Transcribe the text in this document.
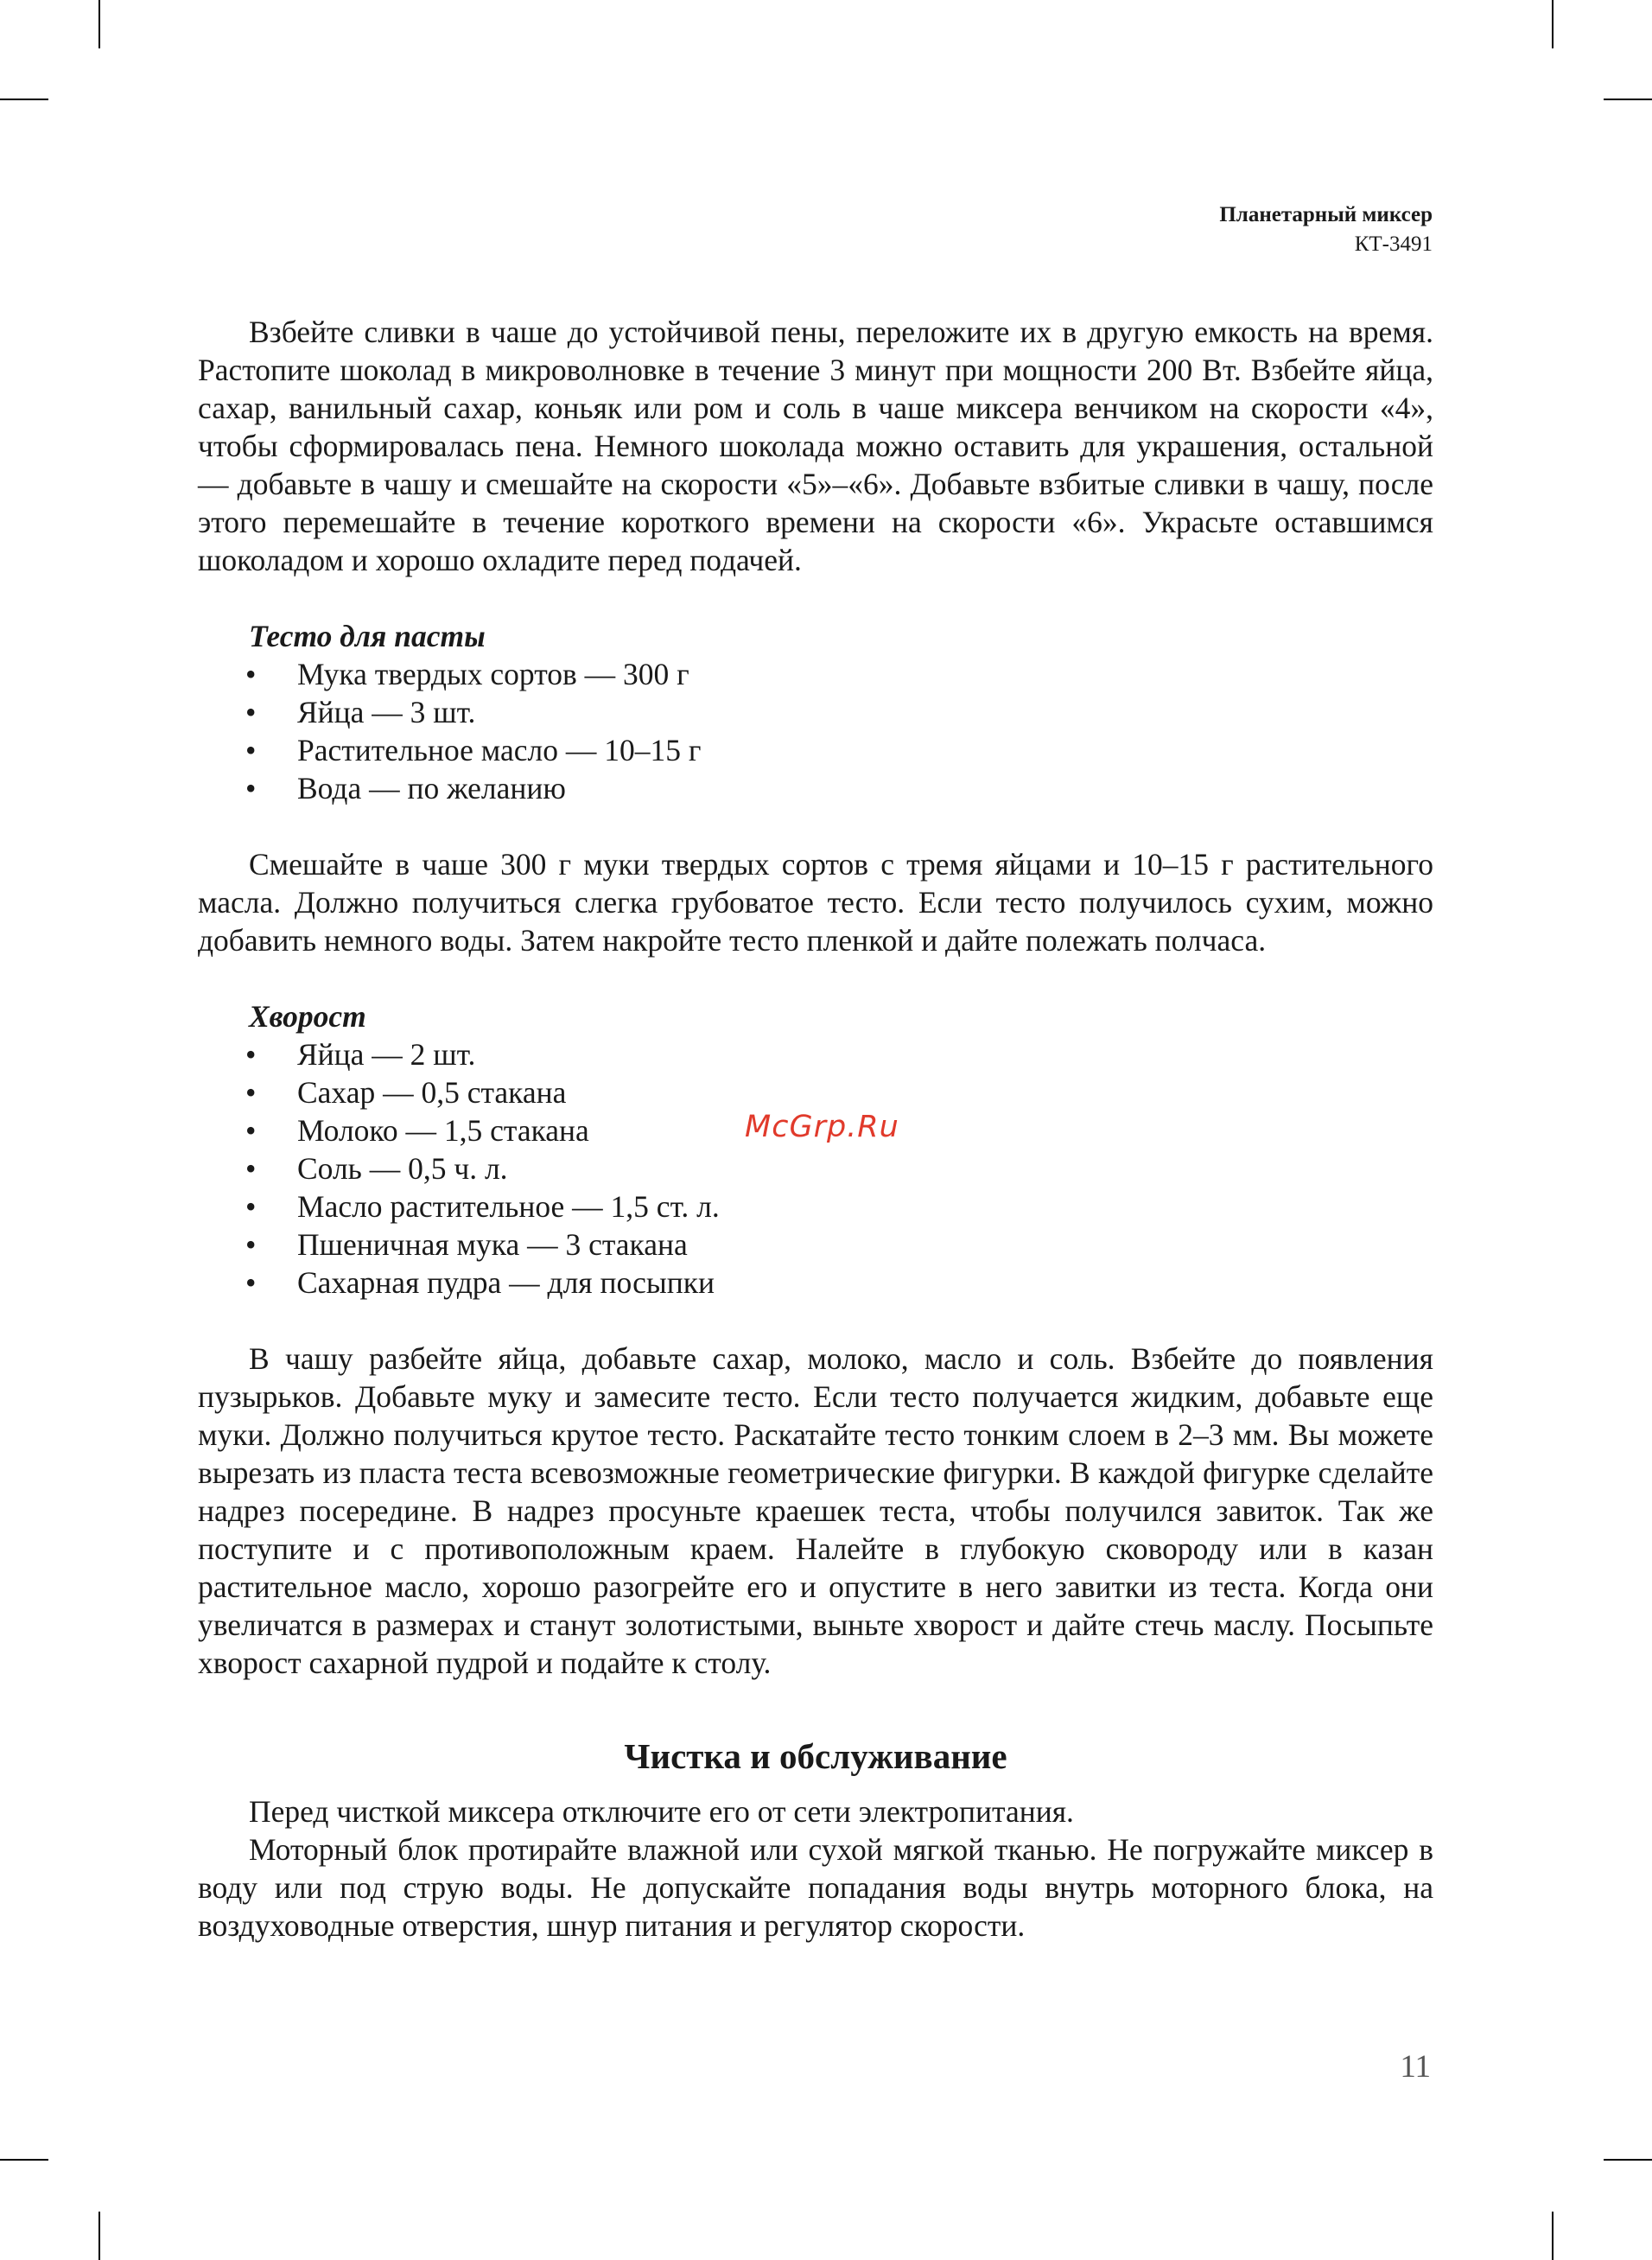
Планетарный миксер
КТ-3491

Взбейте сливки в чаше до устойчивой пены, переложите их в другую емкость на время. Растопите шоколад в микроволновке в течение 3 минут при мощности 200 Вт. Взбейте яйца, сахар, ванильный сахар, коньяк или ром и соль в чаше миксера венчиком на скорости «4», чтобы сформировалась пена. Немного шоколада можно оставить для украшения, остальной — добавьте в чашу и смешайте на скорости «5»–«6». Добавьте взбитые сливки в чашу, после этого перемешайте в течение короткого времени на скорости «6». Украсьте оставшимся шоколадом и хорошо охладите перед подачей.

Тесто для пасты

• Мука твердых сортов — 300 г
• Яйца — 3 шт.
• Растительное масло — 10–15 г
• Вода — по желанию

Смешайте в чаше 300 г муки твердых сортов с тремя яйцами и 10–15 г растительного масла. Должно получиться слегка грубоватое тесто. Если тесто получилось сухим, можно добавить немного воды. Затем накройте тесто пленкой и дайте полежать полчаса.

Хворост

• Яйца — 2 шт.
• Сахар — 0,5 стакана
• Молоко — 1,5 стакана
• Соль — 0,5 ч. л.
• Масло растительное — 1,5 ст. л.
• Пшеничная мука — 3 стакана
• Сахарная пудра — для посыпки

В чашу разбейте яйца, добавьте сахар, молоко, масло и соль. Взбейте до появления пузырьков. Добавьте муку и замесите тесто. Если тесто получается жидким, добавьте еще муки. Должно получиться крутое тесто. Раскатайте тесто тонким слоем в 2–3 мм. Вы можете вырезать из пласта теста всевозможные геометрические фигурки. В каждой фигурке сделайте надрез посередине. В надрез просуньте краешек теста, чтобы получился завиток. Так же поступите и с противоположным краем. Налейте в глубокую сковороду или в казан растительное масло, хорошо разогрейте его и опустите в него завитки из теста. Когда они увеличатся в размерах и станут золотистыми, выньте хворост и дайте стечь маслу. Посыпьте хворост сахарной пудрой и подайте к столу.

Чистка и обслуживание

Перед чисткой миксера отключите его от сети электропитания.

Моторный блок протирайте влажной или сухой мягкой тканью. Не погружайте миксер в воду или под струю воды. Не допускайте попадания воды внутрь моторного блока, на воздуховодные отверстия, шнур питания и регулятор скорости.

McGrp.Ru
11
